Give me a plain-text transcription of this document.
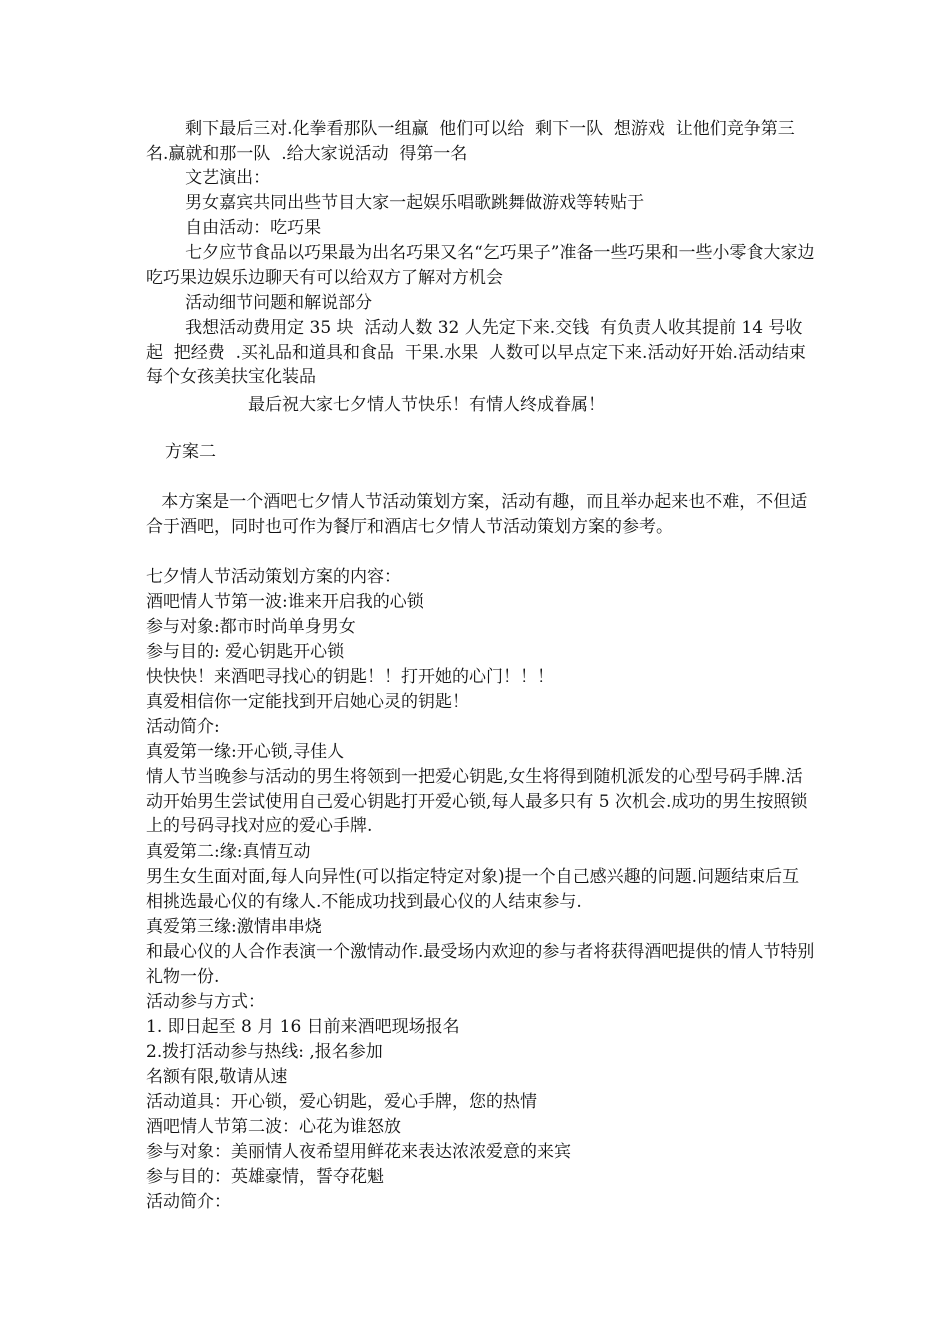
剩下最后三对.化拳看那队一组赢  他们可以给  剩下一队  想游戏  让他们竞争第三名.赢就和那一队  .给大家说活动  得第一名

文艺演出：

男女嘉宾共同出些节目大家一起娱乐唱歌跳舞做游戏等转贴于

自由活动：吃巧果

七夕应节食品以巧果最为出名巧果又名“乞巧果子”准备一些巧果和一些小零食大家边吃巧果边娱乐边聊天有可以给双方了解对方机会

活动细节问题和解说部分

我想活动费用定 35 块  活动人数 32 人先定下来.交钱  有负责人收其提前 14 号收起  把经费  .买礼品和道具和食品  干果.水果  人数可以早点定下来.活动好开始.活动结束  每个女孩美扶宝化装品

最后祝大家七夕情人节快乐！有情人终成眷属！

方案二

本方案是一个酒吧七夕情人节活动策划方案，活动有趣，而且举办起来也不难，不但适合于酒吧，同时也可作为餐厅和酒店七夕情人节活动策划方案的参考。

七夕情人节活动策划方案的内容：

酒吧情人节第一波:谁来开启我的心锁

参与对象:都市时尚单身男女

参与目的: 爱心钥匙开心锁

快快快！来酒吧寻找心的钥匙！！打开她的心门！！！

真爱相信你一定能找到开启她心灵的钥匙！

活动简介:

真爱第一缘:开心锁,寻佳人

情人节当晚参与活动的男生将领到一把爱心钥匙,女生将得到随机派发的心型号码手牌.活动开始男生尝试使用自己爱心钥匙打开爱心锁,每人最多只有 5 次机会.成功的男生按照锁上的号码寻找对应的爱心手牌.

真爱第二:缘:真情互动

男生女生面对面,每人向异性(可以指定特定对象)提一个自己感兴趣的问题.问题结束后互相挑选最心仪的有缘人.不能成功找到最心仪的人结束参与.

真爱第三缘:激情串串烧

和最心仪的人合作表演一个激情动作.最受场内欢迎的参与者将获得酒吧提供的情人节特别礼物一份.

活动参与方式：

1. 即日起至 8 月 16 日前来酒吧现场报名

2.拨打活动参与热线: ,报名参加

名额有限,敬请从速

活动道具：开心锁，爱心钥匙，爱心手牌，您的热情

酒吧情人节第二波：心花为谁怒放

参与对象：美丽情人夜希望用鲜花来表达浓浓爱意的来宾

参与目的：英雄豪情，誓夺花魁

活动简介：
